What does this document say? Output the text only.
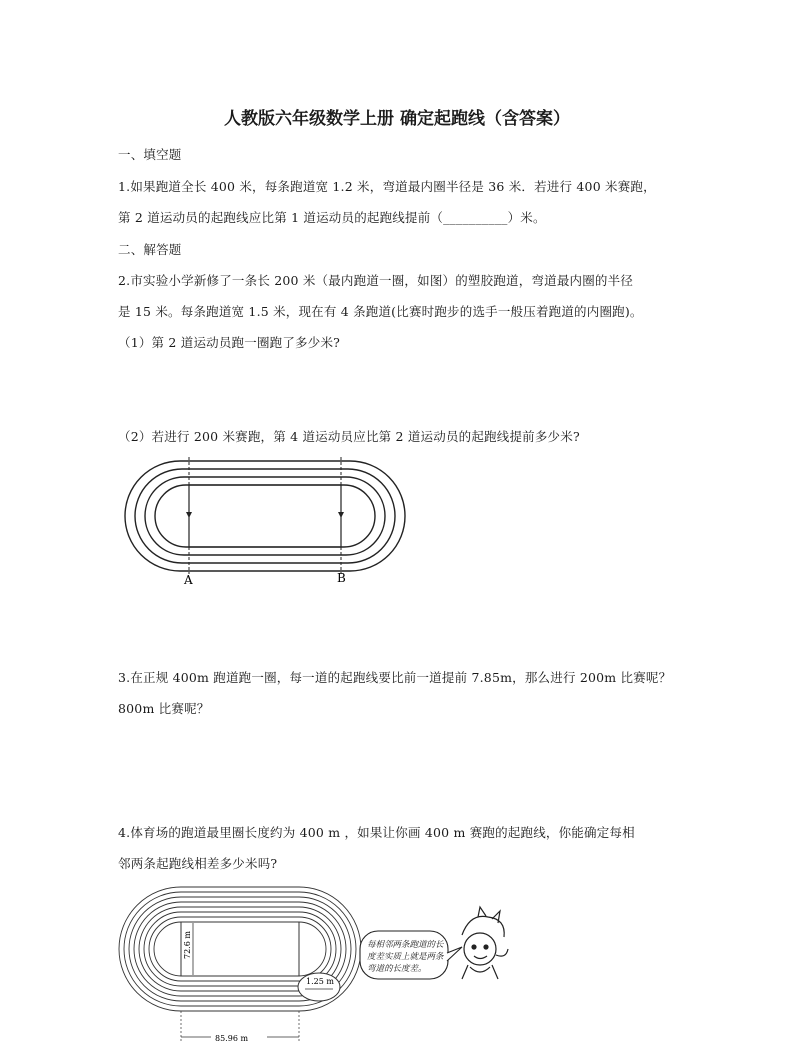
人教版六年级数学上册 确定起跑线（含答案）
一、填空题
1.如果跑道全长 400 米，每条跑道宽 1.2 米，弯道最内圈半径是 36 米．若进行 400 米赛跑，
第 2 道运动员的起跑线应比第 1 道运动员的起跑线提前（__________）米。
二、解答题
2.市实验小学新修了一条长 200 米（最内跑道一圈，如图）的塑胶跑道，弯道最内圈的半径
是 15 米。每条跑道宽 1.5 米，现在有 4 条跑道(比赛时跑步的选手一般压着跑道的内圈跑)。
（1）第 2 道运动员跑一圈跑了多少米?
（2）若进行 200 米赛跑，第 4 道运动员应比第 2 道运动员的起跑线提前多少米?
A	B
3.在正规 400m 跑道跑一圈，每一道的起跑线要比前一道提前 7.85m，那么进行 200m 比赛呢？
800m 比赛呢？
4.体育场的跑道最里圈长度约为 400 m ，如果让你画 400 m 赛跑的起跑线，你能确定每相
邻两条起跑线相差多少米吗?
72.6 m
85.96 m
1.25 m
每相邻两条跑道的长
度差实质上就是两条
弯道的长度差。
